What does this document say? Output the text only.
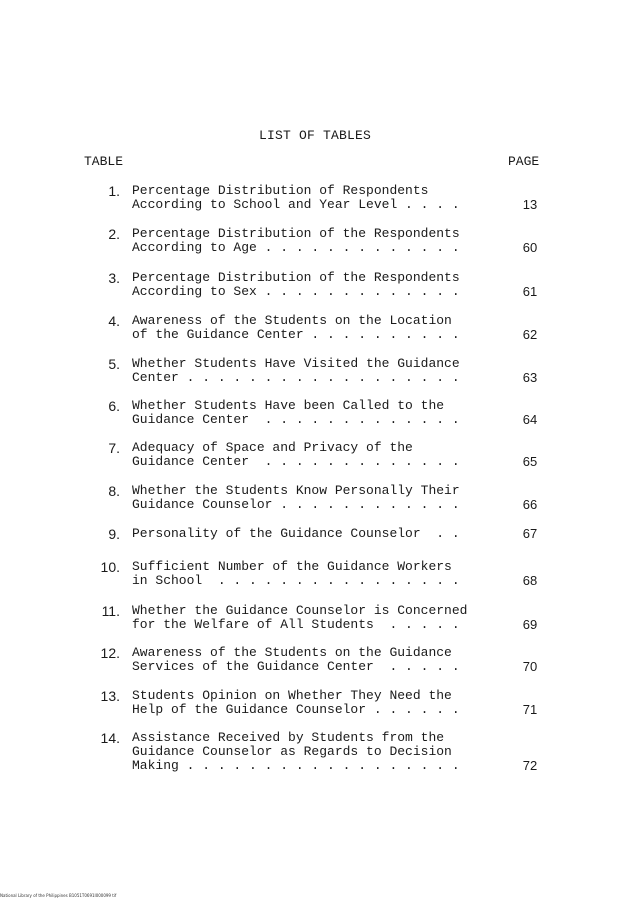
LIST OF TABLES
TABLE	PAGE
1. Percentage Distribution of Respondents
According to School and Year Level . . . .	13
2. Percentage Distribution of the Respondents
According to Age . . . . . . . . . . . . .	60
3. Percentage Distribution of the Respondents
According to Sex . . . . . . . . . . . . .	61
4. Awareness of the Students on the Location
of the Guidance Center . . . . . . . . . .	62
5. Whether Students Have Visited the Guidance
Center . . . . . . . . . . . . . . . . . .	63
6. Whether Students Have been Called to the
Guidance Center  . . . . . . . . . . . . .	64
7. Adequacy of Space and Privacy of the
Guidance Center  . . . . . . . . . . . . .	65
8. Whether the Students Know Personally Their
Guidance Counselor . . . . . . . . . . . .	66
9. Personality of the Guidance Counselor  . .	67
10. Sufficient Number of the Guidance Workers
in School  . . . . . . . . . . . . . . . .	68
11. Whether the Guidance Counselor is Concerned
for the Welfare of All Students  . . . . .	69
12. Awareness of the Students on the Guidance
Services of the Guidance Center  . . . . .	70
13. Students Opinion on Whether They Need the
Help of the Guidance Counselor . . . . . .	71
14. Assistance Received by Students from the
Guidance Counselor as Regards to Decision
Making . . . . . . . . . . . . . . . . . .	72
National Library of the Philippines B1051T0691I000099 tif
